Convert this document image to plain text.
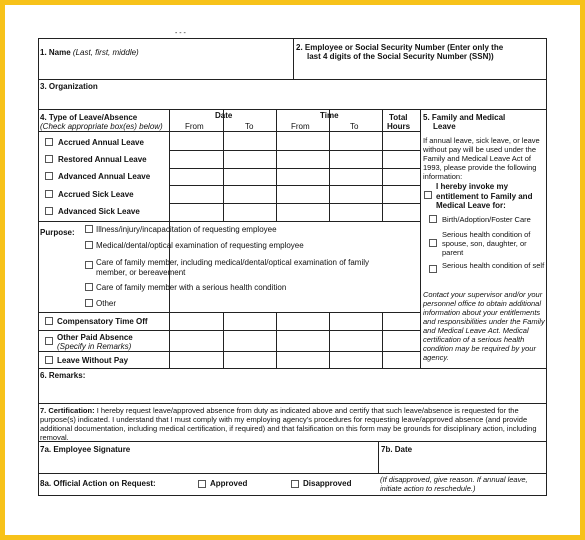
- - -
1. Name (Last, first, middle)
2. Employee or Social Security Number (Enter only the
last 4 digits of the Social Security Number (SSN))
3. Organization
4. Type of Leave/Absence
(Check appropriate box(es) below)
Date	Time
From	To	From	To
Total
Hours
Accrued Annual Leave
Restored Annual Leave
Advanced Annual Leave
Accrued Sick Leave
Advanced Sick Leave
Purpose:	Illness/injury/incapacitation of requesting employee
Medical/dental/optical examination of requesting employee
Care of family member, including medical/dental/optical examination of family member, or bereavement
Care of family member with a serious health condition
Other
Compensatory Time Off
Other Paid Absence
(Specify in Remarks)
Leave Without Pay
5. Family and Medical
Leave
If annual leave, sick leave, or leave without pay will be used under the Family and Medical Leave Act of 1993, please provide the following information:
I hereby invoke my entitlement to Family and Medical Leave for:
Birth/Adoption/Foster Care
Serious health condition of spouse, son, daughter, or parent
Serious health condition of self
Contact your supervisor and/or your personnel office to obtain additional information about your entitlements and responsibilities under the Family and Medical Leave Act. Medical certification of a serious health condition may be required by your agency.
6. Remarks:
7. Certification: I hereby request leave/approved absence from duty as indicated above and certify that such leave/absence is requested for the purpose(s) indicated. I understand that I must comply with my employing agency's procedures for requesting leave/approved absence (and provide additional documentation, including medical certification, if required) and that falsification on this form may be grounds for disciplinary action, including removal.
7a. Employee Signature	7b. Date
8a. Official Action on Request:	Approved	Disapproved	(If disapproved, give reason. If annual leave, initiate action to reschedule.)
